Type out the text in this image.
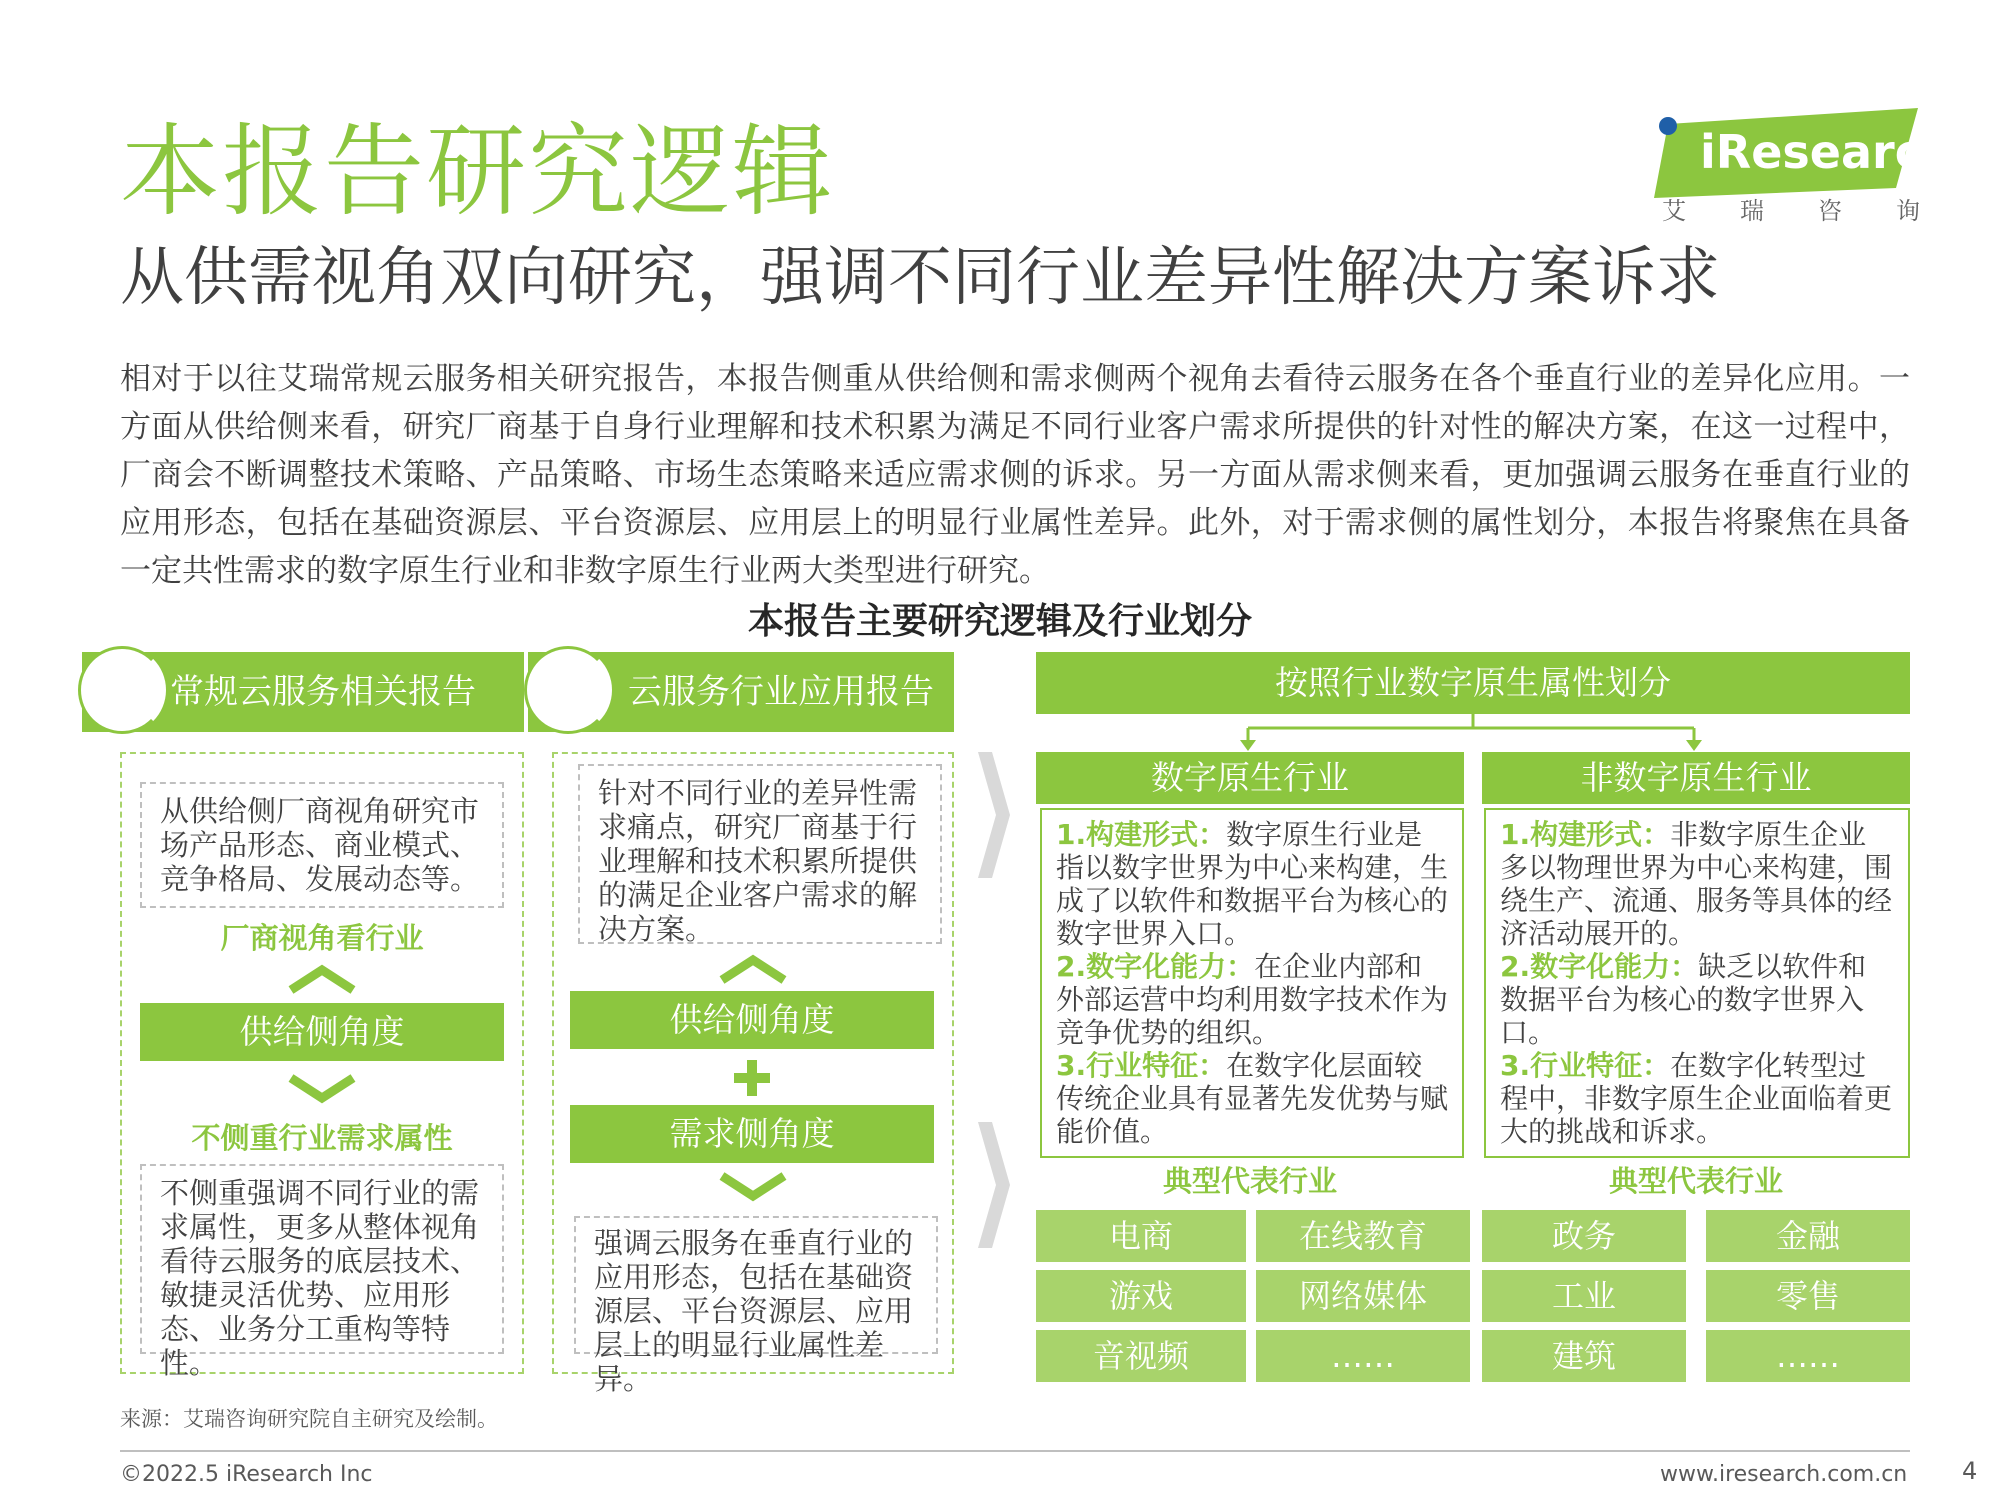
本报告研究逻辑
从供需视角双向研究，强调不同行业差异性解决方案诉求
iResearch
艾 瑞 咨 询
相对于以往艾瑞常规云服务相关研究报告，本报告侧重从供给侧和需求侧两个视角去看待云服务在各个垂直行业的差异化应用。一方面从供给侧来看，研究厂商基于自身行业理解和技术积累为满足不同行业客户需求所提供的针对性的解决方案，在这一过程中，厂商会不断调整技术策略、产品策略、市场生态策略来适应需求侧的诉求。另一方面从需求侧来看，更加强调云服务在垂直行业的应用形态，包括在基础资源层、平台资源层、应用层上的明显行业属性差异。此外，对于需求侧的属性划分，本报告将聚焦在具备一定共性需求的数字原生行业和非数字原生行业两大类型进行研究。
本报告主要研究逻辑及行业划分
常规云服务相关报告
从供给侧厂商视角研究市场产品形态、商业模式、竞争格局、发展动态等。
厂商视角看行业
供给侧角度
不侧重行业需求属性
不侧重强调不同行业的需求属性，更多从整体视角看待云服务的底层技术、敏捷灵活优势、应用形态、业务分工重构等特性。
云服务行业应用报告
针对不同行业的差异性需求痛点，研究厂商基于行业理解和技术积累所提供的满足企业客户需求的解决方案。
供给侧角度
需求侧角度
强调云服务在垂直行业的应用形态，包括在基础资源层、平台资源层、应用层上的明显行业属性差异。
按照行业数字原生属性划分
数字原生行业
1.构建形式：数字原生行业是指以数字世界为中心来构建，生成了以软件和数据平台为核心的数字世界入口。
2.数字化能力：在企业内部和外部运营中均利用数字技术作为竞争优势的组织。
3.行业特征：在数字化层面较传统企业具有显著先发优势与赋能价值。
典型代表行业
电商	在线教育
游戏	网络媒体
音视频	……
非数字原生行业
1.构建形式：非数字原生企业多以物理世界为中心来构建，围绕生产、流通、服务等具体的经济活动展开的。
2.数字化能力：缺乏以软件和数据平台为核心的数字世界入口。
3.行业特征：在数字化转型过程中，非数字原生企业面临着更大的挑战和诉求。
典型代表行业
政务	金融
工业	零售
建筑	……
来源：艾瑞咨询研究院自主研究及绘制。
©2022.5 iResearch Inc	www.iresearch.com.cn 4
